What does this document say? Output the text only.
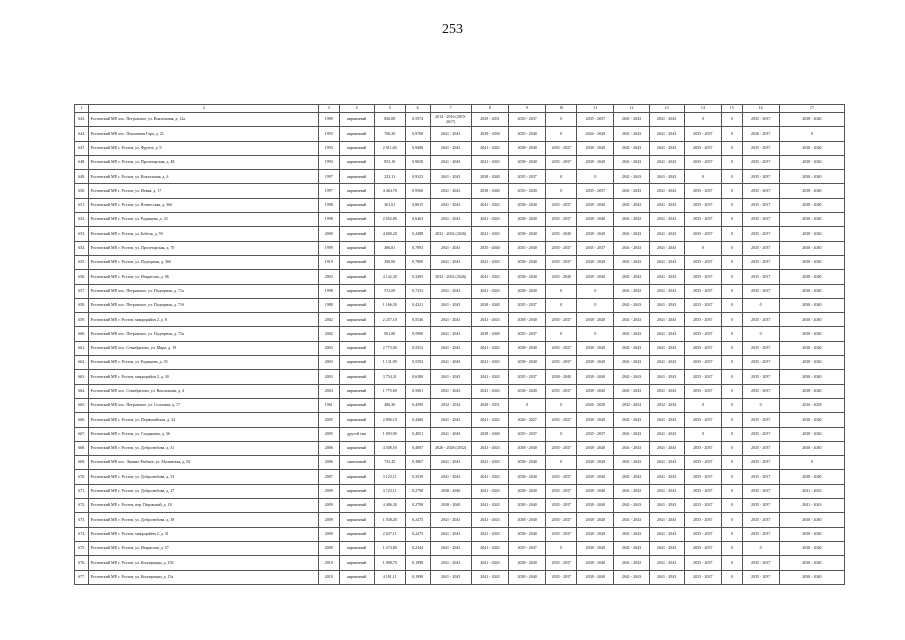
253
1	2	3	4	5	6	7	8	9	10	11	12	13	14	15	16	17
643.	Ростовский МР, пос. Петровское, ул. Вокзальная, д. 12а	1989	кирпичный	826,08	0,5974	2014 - 2016 (2015-2017)	2029 - 2031	2035 - 2037	0	2035 - 2037	2041 - 2043	2041 - 2043	0	0	2035 - 2037	2038 - 2040
644.	Ростовский МР, пос. Поклонная Гора, д. 21	1993	кирпичный	760,20	0,9700	2041 - 2043	2029 - 2030	2035 - 2040	0	2026 - 2040	2041 - 2043	2041 - 2043	2035 - 2037	0	2026 - 2037	0
647.	Ростовский МР, г. Ростов, ул. Фрунзе, д. 9	1993	кирпичный	2 911,60	0,9486	2041 - 2043	2041 - 2043	2038 - 2040	2035 - 2037	2038 - 2040	2041 - 2043	2041 - 2043	2035 - 2037	0	2035 - 2037	2038 - 2040
648.	Ростовский МР, г. Ростов, ул. Пролетарская, д. 48	1993	кирпичный	853,10	0,9658	2041 - 2043	2041 - 2043	2038 - 2040	2035 - 2037	2038 - 2040	2041 - 2043	2041 - 2043	2035 - 2037	0	2035 - 2037	2038 - 2040
649.	Ростовский МР, г. Ростов, ул. Вокзальная, д. 4	1997	кирпичный	223,11	0,9323	2041 - 2043	2038 - 2040	2035 - 2037	0	0	2041 - 2043	2041 - 2043	0	0	2035 - 2037	2038 - 2040
650.	Ростовский МР, г. Ростов, ул. Новая, д. 17	1997	кирпичный	4 464,70	0,9560	2041 - 2043	2038 - 2040	2035 - 2040	0	2035 - 2037	2041 - 2043	2041 - 2043	2035 - 2037	0	2035 - 2037	2038 - 2040
651.	Ростовский МР, г. Ростов, ул. Вознесская, д. 36б	1998	кирпичный	301,61	0,8615	2041 - 2043	2041 - 2043	2038 - 2040	2035 - 2037	2038 - 2040	2041 - 2043	2041 - 2043	2035 - 2037	0	2035 - 2037	2038 - 2040
652.	Ростовский МР, г. Ростов, ул. Радищева, д. 33	1998	кирпичный	2 652,80	0,6463	2041 - 2043	2041 - 2043	2038 - 2040	2035 - 2037	2038 - 2040	2041 - 2043	2041 - 2043	2035 - 2037	0	2035 - 2037	2038 - 2040
653.	Ростовский МР, г. Ростов, ул. Бебеля, д. 59	2000	кирпичный	4 600,20	0,4488	2032 - 2032 (2026)	2041 - 2043	2038 - 2040	2035 - 2040	2038 - 2040	2041 - 2043	2041 - 2043	2035 - 2037	0	2035 - 2037	2038 - 2040
654.	Ростовский МР, г. Ростов, ул. Пролетарская, д. 70	1999	кирпичный	486,81	0,7993	2041 - 2043	2035 - 2040	2035 - 2040	2035 - 2037	2035 - 2037	2041 - 2043	2041 - 2043	0	0	2035 - 2037	2038 - 2040
655.	Ростовский МР, г. Ростов, ул. Подгорная, д. 36б	1919	кирпичный	390,60	0,7809	2041 - 2043	2041 - 2043	2038 - 2040	2035 - 2037	2038 - 2040	2041 - 2043	2041 - 2043	2035 - 2037	0	2035 - 2037	2038 - 2040
656.	Ростовский МР, г. Ростов, ул. Некрасова, д. 96	2003	кирпичный	4 142,30	0,3493	2032 - 2032 (2026)	2041 - 2043	2038 - 2040	2035 - 2040	2038 - 2040	2041 - 2043	2041 - 2043	2035 - 2037	0	2035 - 2037	2038 - 2040
657.	Ростовский МР, пос. Петровское, ул. Подгорная, д. 71а	1998	кирпичный	572,00	0,7233	2041 - 2043	2041 - 2043	2038 - 2040	0	0	2041 - 2043	2041 - 2043	2035 - 2037	0	2035 - 2037	2038 - 2040
658.	Ростовский МР, пос. Петровское, ул. Подгорная, д. 71б	1988	кирпичный	1 166,50	0,4321	2041 - 2043	2038 - 2040	2035 - 2037	0	0	2041 - 2043	2041 - 2043	2035 - 2037	0	0	2038 - 2040
659.	Ростовский МР, г. Ростов, микрорайон 2, д. 8	2002	кирпичный	2 257,10	0,5546	2041 - 2043	2041 - 2043	2038 - 2040	2035 - 2037	2038 - 2040	2041 - 2043	2041 - 2043	2035 - 2037	0	2035 - 2037	2038 - 2040
660.	Ростовский МР, пос. Петровское, ул. Подгорная, д. 71в	2002	кирпичный	961,80	0,5900	2041 - 2043	2038 - 2040	2035 - 2037	0	0	2041 - 2043	2041 - 2043	2035 - 2037	0	0	2038 - 2040
661.	Ростовский МР, пос. Семибратово, ул. Мира, д. 19	2003	кирпичный	2 773,00	0,5552	2041 - 2043	2041 - 2043	2038 - 2040	2035 - 2037	2038 - 2040	2041 - 2043	2041 - 2043	2035 - 2037	0	2035 - 2037	2038 - 2040
662.	Ростовский МР, г. Ростов, ул. Радищева, д. 35	2003	кирпичный	1 131,09	0,5592	2041 - 2043	2041 - 2043	2038 - 2040	2035 - 2037	2038 - 2040	2041 - 2043	2041 - 2043	2035 - 2037	0	2035 - 2037	2038 - 2040
663.	Ростовский МР, г. Ростов, микрорайон 2, д. 30	2003	кирпичный	3 754,31	0,6380	2041 - 2043	2041 - 2043	2035 - 2037	2038 - 2040	2038 - 2040	2041 - 2043	2041 - 2043	2035 - 2037	0	2035 - 2037	2038 - 2040
664.	Ростовский МР, пос. Семибратово, ул. Вокзальная, д. 4	2004	кирпичный	1 775,60	0,5061	2041 - 2043	2041 - 2043	2038 - 2040	2035 - 2037	2038 - 2040	2041 - 2043	2041 - 2043	2035 - 2037	0	2035 - 2037	2038 - 2040
665.	Ростовский МР, пос. Петровское, ул. Сосновая, д. 17	1961	кирпичный	486,30	0,4590	2032 - 2034	2029 - 2031	0	0	2026 - 2028	2032 - 2034	2032 - 2034	0	0	0	2026 - 2028
666.	Ростовский МР, г. Ростов, ул. Первомайская, д. 32	2005	кирпичный	2 896,10	0,4466	2041 - 2043	2041 - 2043	2026 - 2027	2035 - 2037	2038 - 2040	2041 - 2043	2041 - 2043	2035 - 2037	0	2035 - 2037	2038 - 2040
667.	Ростовский МР, г. Ростов, ул. Гладышева, д. 36	2005	другой тип	1 093,90	0,4051	2041 - 2043	2038 - 2040	2035 - 2037	0	2035 - 2037	2041 - 2043	2041 - 2043	0	0	2035 - 2037	2038 - 2040
668.	Ростовский МР, г. Ростов, ул. Добролюбова, д. 31	2006	кирпичный	4 508,50	0,4007	2026 - 2028 (2032)	2041 - 2043	2038 - 2040	2035 - 2037	2038 - 2040	2041 - 2043	2041 - 2043	2035 - 2037	0	2035 - 2037	2038 - 2040
669.	Ростовский МР, пос. Ляпино-Рыбное, ул. Малинская, д. 92	2006	панельный	733,45	0,3867	2041 - 2043	2041 - 2043	2038 - 2040	0	2038 - 2040	2041 - 2043	2041 - 2043	2035 - 2037	0	2035 - 2037	0
670.	Ростовский МР, г. Ростов, ул. Добролюбова, д. 33	2007	кирпичный	3 123,11	0,3539	2041 - 2043	2041 - 2043	2038 - 2040	2035 - 2037	2038 - 2040	2041 - 2043	2041 - 2043	2035 - 2037	0	2035 - 2037	2038 - 2040
671.	Ростовский МР, г. Ростов, ул. Добролюбова, д. 27	2009	кирпичный	3 723,11	0,2798	2038 - 2040	2041 - 2043	2038 - 2040	2035 - 2037	2038 - 2040	2041 - 2043	2041 - 2043	2035 - 2037	0	2035 - 2037	2041 - 2043
672.	Ростовский МР, г. Ростов, пер. Перовский, д. 18	2009	кирпичный	4 406,30	0,2798	2038 - 2040	2041 - 2043	2038 - 2040	2035 - 2037	2038 - 2040	2041 - 2043	2041 - 2043	2035 - 2037	0	2035 - 2037	2041 - 2043
673.	Ростовский МР, г. Ростов, ул. Добролюбова, д. 38	2009	кирпичный	1 038,20	0,2475	2041 - 2043	2041 - 2043	2038 - 2040	2035 - 2037	2038 - 2040	2041 - 2043	2041 - 2043	2035 - 2037	0	2035 - 2037	2038 - 2040
674.	Ростовский МР, г. Ростов, микрорайон 2, д. 31	2009	кирпичный	2 637,11	0,2475	2041 - 2043	2041 - 2043	2038 - 2040	2035 - 2037	2038 - 2040	2041 - 2043	2041 - 2043	2035 - 2037	0	2035 - 2037	2038 - 2040
675.	Ростовский МР, г. Ростов, ул. Некрасова, д. 57	2009	кирпичный	1 274,80	0,2344	2041 - 2043	2041 - 2043	2035 - 2037	0	2038 - 2040	2041 - 2043	2041 - 2043	2035 - 2037	0	0	2038 - 2040
676.	Ростовский МР, г. Ростов, ул. Кооперации, д. 150	2010	кирпичный	1 098,70	0,1998	2041 - 2043	2041 - 2043	2038 - 2040	2035 - 2037	2038 - 2040	2041 - 2043	2041 - 2043	2035 - 2037	0	2035 - 2037	2038 - 2040
677.	Ростовский МР, г. Ростов, ул. Кооперации, д. 15а	2010	кирпичный	4 181,11	0,1998	2041 - 2043	2041 - 2043	2038 - 2040	2035 - 2037	2038 - 2040	2041 - 2043	2041 - 2043	2035 - 2037	0	2035 - 2037	2038 - 2040
